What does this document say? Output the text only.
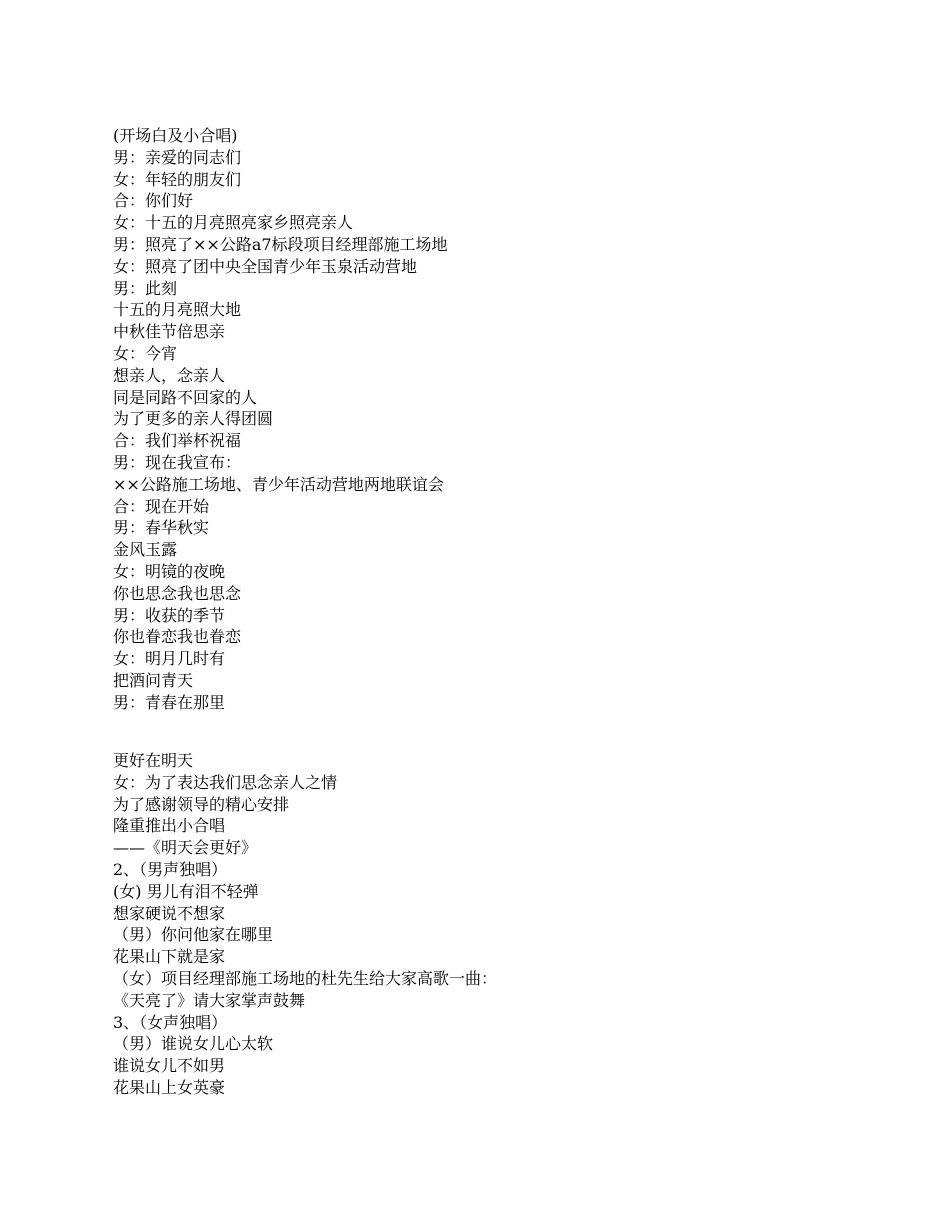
(开场白及小合唱)
男：亲爱的同志们
女：年轻的朋友们
合：你们好
女：十五的月亮照亮家乡照亮亲人
男：照亮了××公路a7标段项目经理部施工场地
女：照亮了团中央全国青少年玉泉活动营地
男：此刻
十五的月亮照大地
中秋佳节倍思亲
女：今宵
想亲人，念亲人
同是同路不回家的人
为了更多的亲人得团圆
合：我们举杯祝福
男：现在我宣布：
××公路施工场地、青少年活动营地两地联谊会
合：现在开始
男：春华秋实
金风玉露
女：明镜的夜晚
你也思念我也思念
男：收获的季节
你也眷恋我也眷恋
女：明月几时有
把酒问青天
男：青春在那里
更好在明天
女：为了表达我们思念亲人之情
为了感谢领导的精心安排
隆重推出小合唱
——《明天会更好》
2、（男声独唱）
(女) 男儿有泪不轻弹
想家硬说不想家
（男）你问他家在哪里
花果山下就是家
（女）项目经理部施工场地的杜先生给大家高歌一曲：
《天亮了》请大家掌声鼓舞
3、（女声独唱）
（男）谁说女儿心太软
谁说女儿不如男
花果山上女英豪
